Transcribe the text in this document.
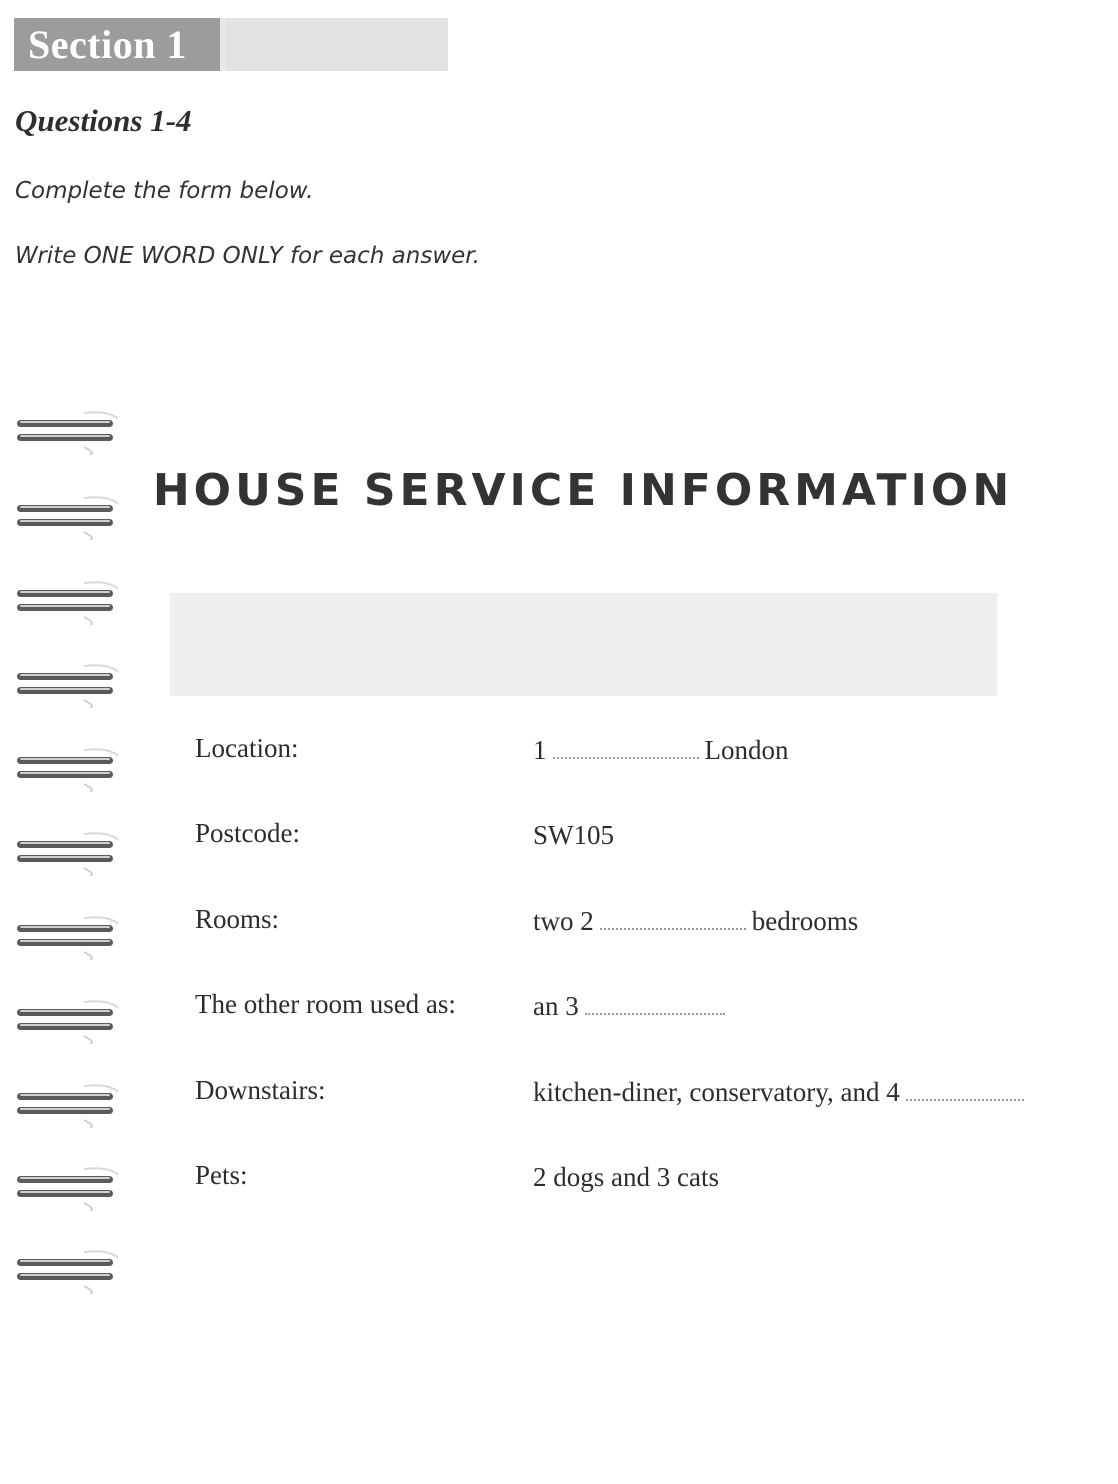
Section 1
Questions 1-4
Complete the form below.
Write ONE WORD ONLY for each answer.
HOUSE SERVICE INFORMATION
Location:	1	London
Postcode:	SW105
Rooms:	two 2	bedrooms
The other room used as:	an 3
Downstairs:	kitchen-diner, conservatory, and 4
Pets:	2 dogs and 3 cats
